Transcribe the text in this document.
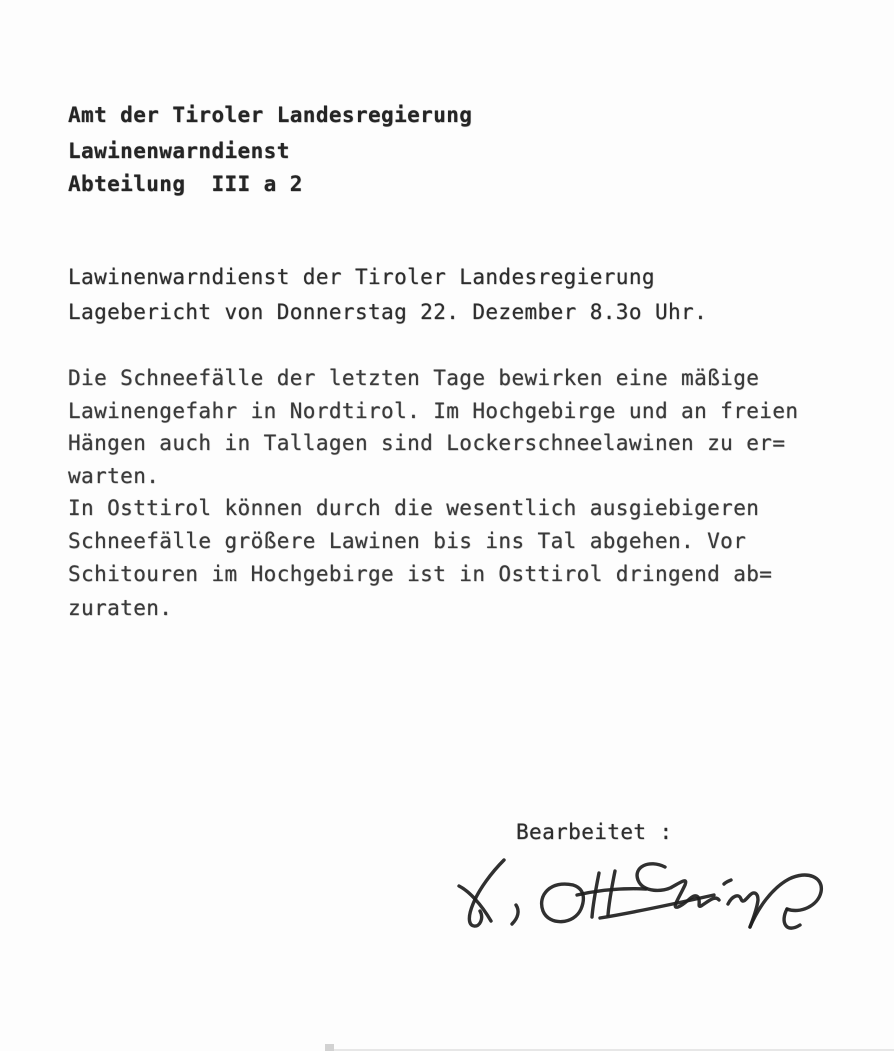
Amt der Tiroler Landesregierung
Lawinenwarndienst
Abteilung  III a 2
Lawinenwarndienst der Tiroler Landesregierung
Lagebericht von Donnerstag 22. Dezember 8.3o Uhr.
Die Schneefälle der letzten Tage bewirken eine mäßige
Lawinengefahr in Nordtirol. Im Hochgebirge und an freien
Hängen auch in Tallagen sind Lockerschneelawinen zu er=
warten.
In Osttirol können durch die wesentlich ausgiebigeren
Schneefälle größere Lawinen bis ins Tal abgehen. Vor
Schitouren im Hochgebirge ist in Osttirol dringend ab=
zuraten.
Bearbeitet :
